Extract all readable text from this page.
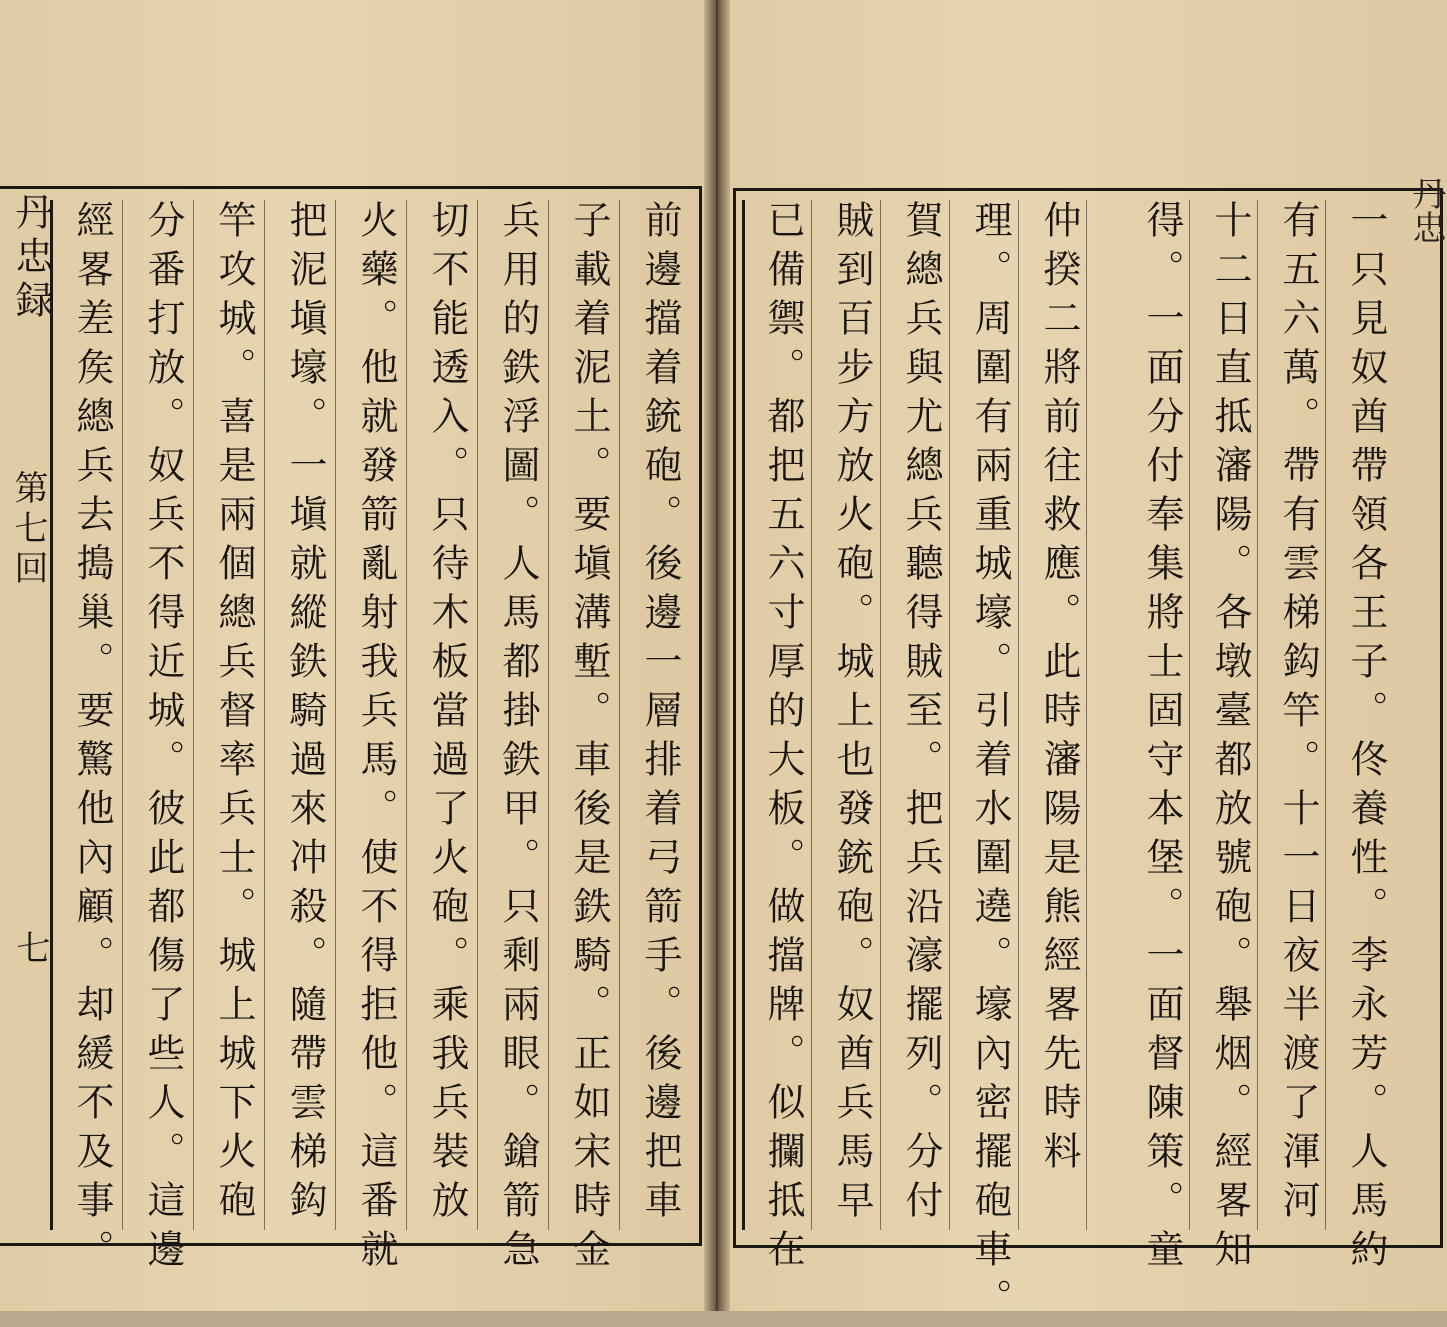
丹忠録
第七回
七	前邊擋着銃砲。後邊一層排着弓箭手。後邊把車
子載着泥土。要塡溝塹。車後是鉄騎。正如宋時金
兵用的鉄浮圖。人馬都掛鉄甲。只剩兩眼。鎗箭急
切不能透入。只待木板當過了火砲。乘我兵裝放
火藥。他就發箭亂射我兵馬。使不得拒他。這番就
把泥塡壕。一塡就縱鉄騎過來冲殺。隨帶雲梯鈎
竿攻城。喜是兩個總兵督率兵士。城上城下火砲
分番打放。奴兵不得近城。彼此都傷了些人。這邊
經畧差矦總兵去搗巢。要驚他內顧。却緩不及事。	丹忠
一只見奴酋帶領各王子。佟養性。李永芳。人馬約
有五六萬。帶有雲梯鈎竿。十一日夜半渡了渾河
十二日直抵瀋陽。各墩臺都放號砲。舉烟。經畧知
得。一面分付奉集將士固守本堡。一面督陳策。童
仲揆二將前往救應。此時瀋陽是熊經畧先時料
理。周圍有兩重城壕。引着水圍遶。壕內密擺砲車。
賀總兵與尤總兵聽得賊至。把兵沿濠擺列。分付
賊到百步方放火砲。城上也發銃砲。奴酋兵馬早
已備禦。都把五六寸厚的大板。做擋牌。似攔抵在
